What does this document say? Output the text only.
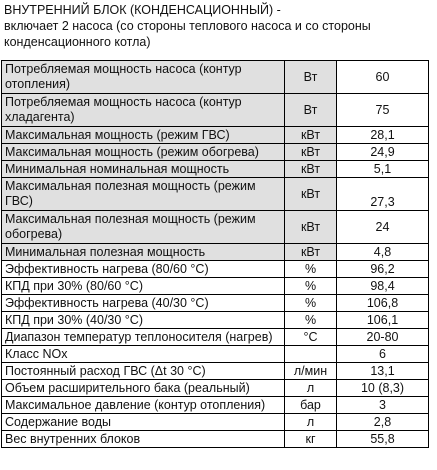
ВНУТРЕННИЙ БЛОК (КОНДЕНСАЦИОННЫЙ) -
включает 2 насоса (со стороны теплового насоса и со стороны конденсационного котла)
Потребляемая мощность насоса (контур отопления)	Вт	60
Потребляемая мощность насоса (контур хладагента)	Вт	75
Максимальная мощность (режим ГВС)	кВт	28,1
Максимальная мощность (режим обогрева)	кВт	24,9
Минимальная номинальная мощность	кВт	5,1
Максимальная полезная мощность (режим ГВС)	кВт	27,3
Максимальная полезная мощность (режим обогрева)	кВт	24
Минимальная полезная мощность	кВт	4,8
Эффективность нагрева (80/60 °C)	%	96,2
КПД при 30% (80/60 °C)	%	98,4
Эффективность нагрева (40/30 °C)	%	106,8
КПД при 30% (40/30 °C)	%	106,1
Диапазон температур теплоносителя (нагрев)	°C	20-80
Класс NOx		6
Постоянный расход ГВС (Δt 30 °C)	л/мин	13,1
Объем расширительного бака (реальный)	л	10 (8,3)
Максимальное давление (контур отопления)	бар	3
Содержание воды	л	2,8
Вес внутренних блоков	кг	55,8
